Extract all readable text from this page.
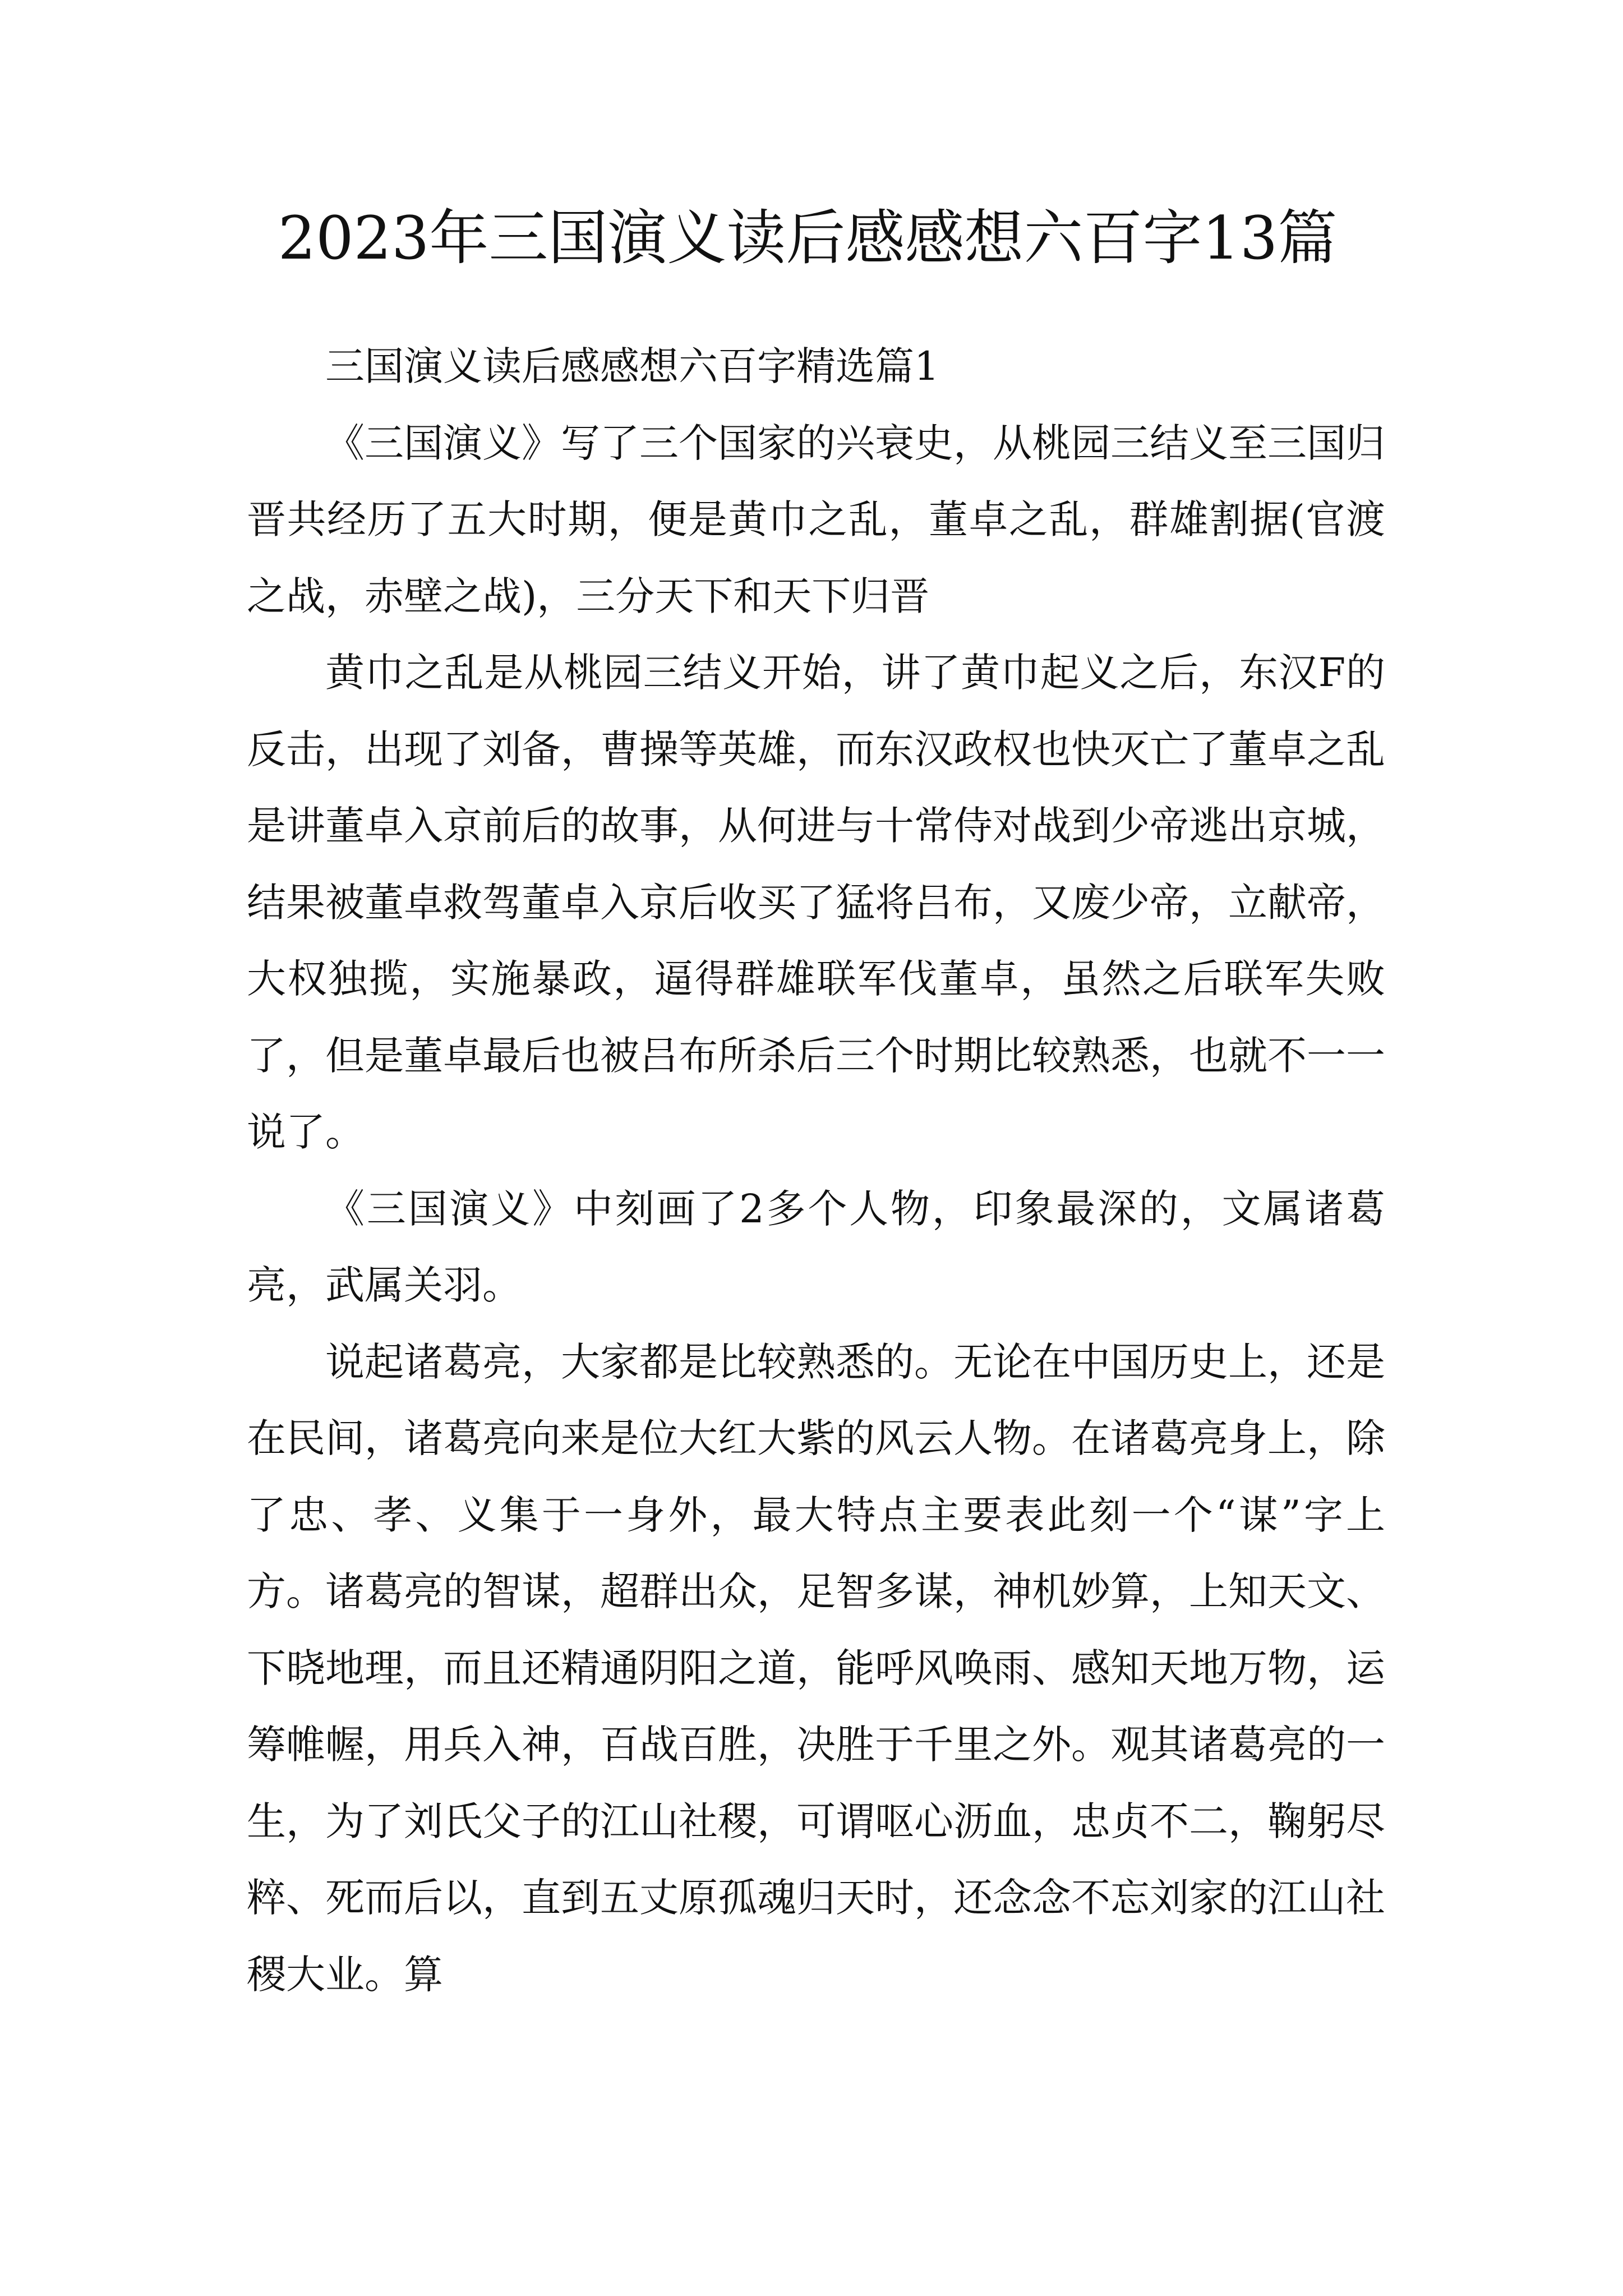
2023年三国演义读后感感想六百字13篇

三国演义读后感感想六百字精选篇1

《三国演义》写了三个国家的兴衰史，从桃园三结义至三国归晋共经历了五大时期，便是黄巾之乱，董卓之乱，群雄割据(官渡之战，赤壁之战)，三分天下和天下归晋

黄巾之乱是从桃园三结义开始，讲了黄巾起义之后，东汉F的反击，出现了刘备，曹操等英雄，而东汉政权也快灭亡了董卓之乱是讲董卓入京前后的故事，从何进与十常侍对战到少帝逃出京城，结果被董卓救驾董卓入京后收买了猛将吕布，又废少帝，立献帝，大权独揽，实施暴政，逼得群雄联军伐董卓，虽然之后联军失败了，但是董卓最后也被吕布所杀后三个时期比较熟悉，也就不一一说了。

《三国演义》中刻画了2多个人物，印象最深的，文属诸葛亮，武属关羽。

说起诸葛亮，大家都是比较熟悉的。无论在中国历史上，还是在民间，诸葛亮向来是位大红大紫的风云人物。在诸葛亮身上，除了忠、孝、义集于一身外，最大特点主要表此刻一个“谋”字上方。诸葛亮的智谋，超群出众，足智多谋，神机妙算，上知天文、下晓地理，而且还精通阴阳之道，能呼风唤雨、感知天地万物，运筹帷幄，用兵入神，百战百胜，决胜于千里之外。观其诸葛亮的一生，为了刘氏父子的江山社稷，可谓呕心沥血，忠贞不二，鞠躬尽粹、死而后以，直到五丈原孤魂归天时，还念念不忘刘家的江山社稷大业。算
